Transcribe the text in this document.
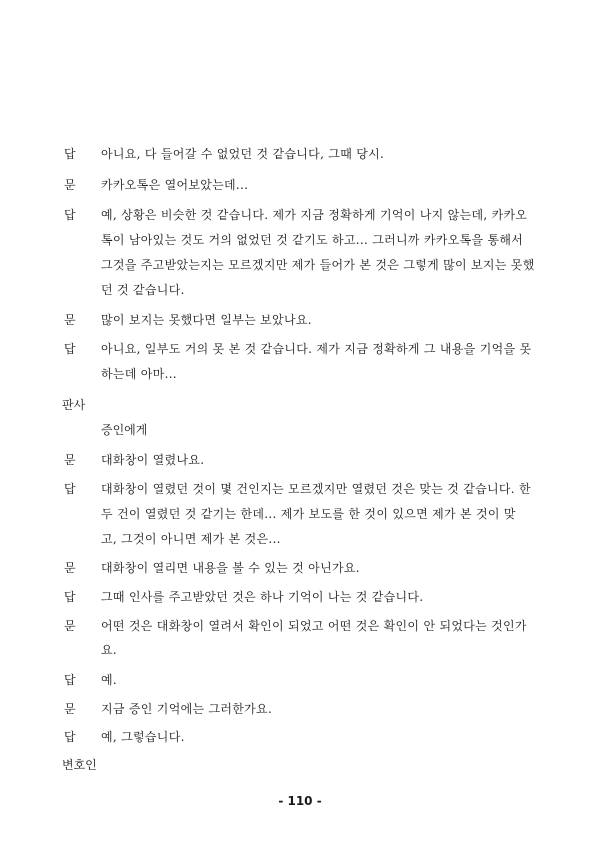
답 아니요, 다 들어갈 수 없었던 것 같습니다, 그때 당시.
문 카카오톡은 열어보았는데...
답 예, 상황은 비슷한 것 같습니다. 제가 지금 정확하게 기억이 나지 않는데, 카카오
톡이 남아있는 것도 거의 없었던 것 같기도 하고... 그러니까 카카오톡을 통해서
그것을 주고받았는지는 모르겠지만 제가 들어가 본 것은 그렇게 많이 보지는 못했
던 것 같습니다.
문 많이 보지는 못했다면 일부는 보았나요.
답 아니요, 일부도 거의 못 본 것 같습니다. 제가 지금 정확하게 그 내용을 기억을 못
하는데 아마...
판사
증인에게
문 대화창이 열렸나요.
답 대화창이 열렸던 것이 몇 건인지는 모르겠지만 열렸던 것은 맞는 것 같습니다. 한
두 건이 열렸던 것 같기는 한데... 제가 보도를 한 것이 있으면 제가 본 것이 맞
고, 그것이 아니면 제가 본 것은...
문 대화창이 열리면 내용을 볼 수 있는 것 아닌가요.
답 그때 인사를 주고받았던 것은 하나 기억이 나는 것 같습니다.
문 어떤 것은 대화창이 열려서 확인이 되었고 어떤 것은 확인이 안 되었다는 것인가
요.
답 예.
문 지금 증인 기억에는 그러한가요.
답 예, 그렇습니다.
변호인
- 110 -
